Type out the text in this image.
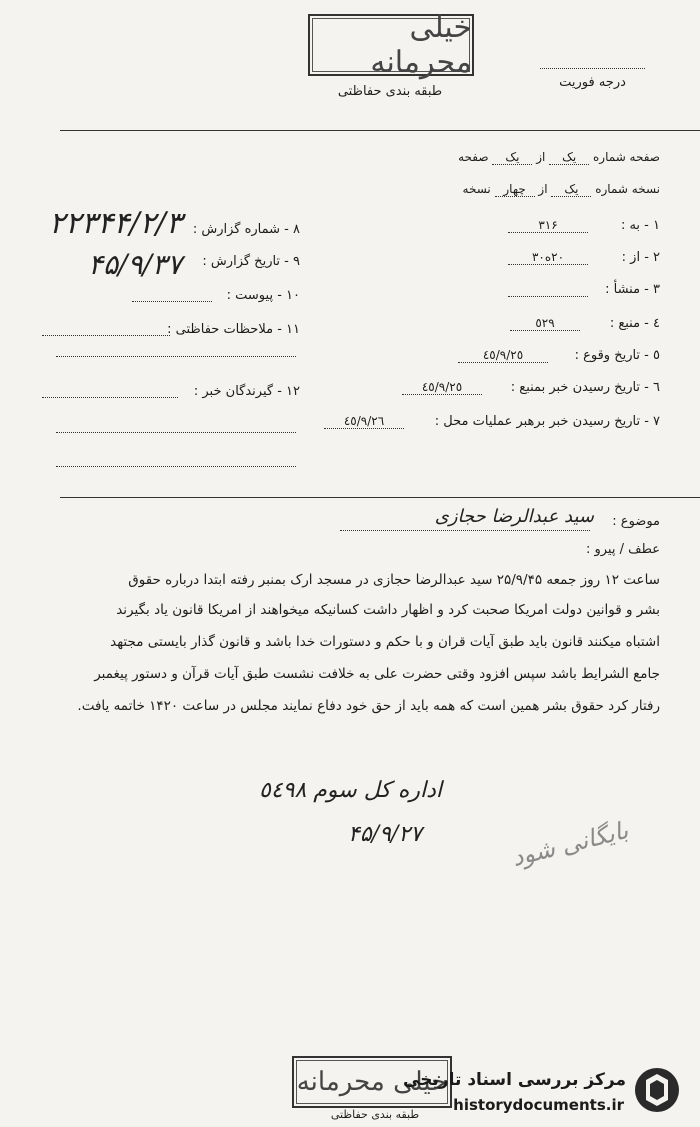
خیلی محرمانه
طبقه بندی حفاظتی
درجه فوریت
صفحه شماره یک از یک صفحه
نسخه شماره یک از چهار نسخه
۱ - به :
۳۱۶
۲ - از :
۲۰ه۳۰
۳ - منشأ :
٤ - منبع :
٥٢٩
٥ - تاریخ وقوع :
٤٥/٩/٢٥
٦ - تاریخ رسیدن خبر بمنبع :
٤٥/٩/٢٥
٧ - تاریخ رسیدن خبر برهبر عملیات محل :
٤٥/٩/٢٦
۸ - شماره گزارش :
۲۲۳۴۴/۲/۳
۹ - تاریخ گزارش :
۴۵/۹/۳۷
۱۰ - پیوست :
۱۱ - ملاحظات حفاظتی :
۱۲ - گیرندگان خبر :
موضوع :
سید عبدالرضا حجازی
عطف / پیرو :
ساعت ۱۲ روز جمعه ۲۵/۹/۴۵ سید عبدالرضا حجازی در مسجد ارک بمنبر رفته ابتدا درباره حقوق
بشر و قوانین دولت امریکا صحبت کرد و اظهار داشت کسانیکه میخواهند از امریکا قانون یاد بگیرند
اشتباه میکنند قانون باید طبق آیات قران و با حکم و دستورات خدا باشد و قانون گذار بایستی مجتهد
جامع الشرایط باشد سپس افزود وقتی حضرت علی به خلافت نشست طبق آیات قرآن و دستور پیغمبر
رفتار کرد حقوق بشر همین است که همه باید از حق خود دفاع نمایند مجلس در ساعت ۱۴۲۰ خاتمه یافت.
اداره کل سوم ٥٤٩٨
۴۵/۹/۲۷	بایگانی شود
خیلی محرمانه
طبقه بندی حفاظتی
مرکز بررسی اسناد تاریخی
historydocuments.ir
